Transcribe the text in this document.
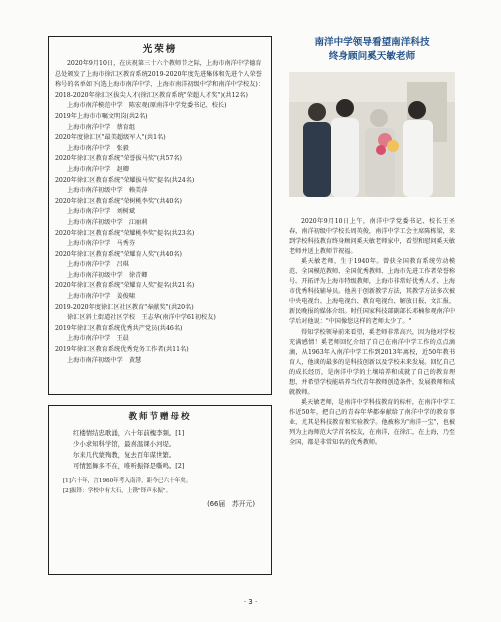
光荣榜

2020年9月10日，在庆祝第三十六个教师节之际，上海市南洋中学德育总处颁发了上海市徐汇区教育系统2019-2020年度先进集体和先进个人荣誉称号的名单如下(选上海市南洋中学、上海市南洋初级中学和南洋中学校友)：

2018-2020年徐汇区拔尖人才(徐汇区教育系统"荣超人才奖")(共12名)
上海市南洋模范中学　陈宏观(原南洋中学党委书记、校长)
2019年上海市市嘱文明岗(共2名)
上海市南洋中学　蔡育组
2020年度徐汇区"最美超级军人"(共1名)
上海市南洋中学　张毅
2020年徐汇区教育系统"荣誉拔马奖"(共57名)
上海市南洋中学　赵卿
2020年徐汇区教育系统"荣耀拔马奖"提名(共24名)
上海市南洋初级中学　赖美萍
2020年徐汇区教育系统"荣树桃李奖"(共40名)
上海市南洋中学　刘树斌
上海市南洋初级中学　江丽莉
2020年徐汇区教育系统"荣耀桃李奖"提名(共23名)
上海市南洋中学　马秀芬
2020年徐汇区教育系统"荣耀育人奖"(共40名)
上海市南洋中学　吕琪
上海市南洋初级中学　徐青卿
2020年徐汇区教育系统"荣耀育人奖"提名(共21名)
上海市南洋中学　姜俊啸
2019-2020年度徐汇区社区教育"奉献奖"(共20名)
徐汇区斜土街道社区学校　王志华(南洋中学61初校友)
2019年徐汇区教育系统优秀共产党员(共46名)
上海市南洋中学　王晨
2019年徐汇区教育系统优秀党务工作者(共11名)
上海市南洋初级中学　黄慧
教师节赠母校
红楼情结忠歌涌，六十年前槐李频。[1]
少小求知科学馆，最喜温课小河堤。
尔来几代蒙殉教，复去百年谋世繁。
可情惩舞多不在，唯听振铎是嘶鸣。[2]
[1]六十年，言1960年考入南洋，距今已六十年矣。
[2]振铎：学校中有大石，上镌"铎声永振"。
(66届　苏开元)
南洋中学领导看望南洋科技
终身顾问奚天敏老师

2020年9月10日上午，南洋中学党委书记、校长王圣春，南洋初级中学校长周英俊，南洋中学工会主席陈栋梁，来到学校科技教育终身顾问奚天敏老师家中，看望和慰问奚天敏老师并送上教师节祝福。

奚天敏老师，生于1940年。曾获全国教育系统劳动模范、全国模范教师、全国优秀教师、上海市先进工作者荣誉称号。开拓评为上海市特级教师，上海市非常好优秀人才、上海市优秀科技辅导员。他善于创新教学方法，其教学方法多次被中央电视台、上海电视台、教育电视台、解放日报、文汇报、新民晚报的媒体介绍。时任国家科技部副部长邓楠参观南洋中学后对他说："中国像您这样的老师太少了。"

得知学校领导前来看望，奚老师非常高兴，因为他对学校充满感情！奚老师回忆介绍了自己在南洋中学工作的点点滴滴，从1963年入南洋中学工作到2013年离校，近50年教书育人，他谈的最多的是科技创新以及学校未来发展。回忆自己的成长经历，是南洋中学的土壤培养和成就了自己的教育理想，并希望学校能培养当代青年教师创造条件，发展教师和成就教师。

奚天敏老师，是南洋中学科技教育的标杆，在南洋中学工作近50年，把自己的青春年华都奉献给了南洋中学的教育事业，尤其是科技教育和实验教学。他被称为"南洋一宝"，也被列为上海师范大学首名校友，在南洋，在徐汇，在上海，乃至全国，都是非常知名的优秀教师。

· 3 ·
